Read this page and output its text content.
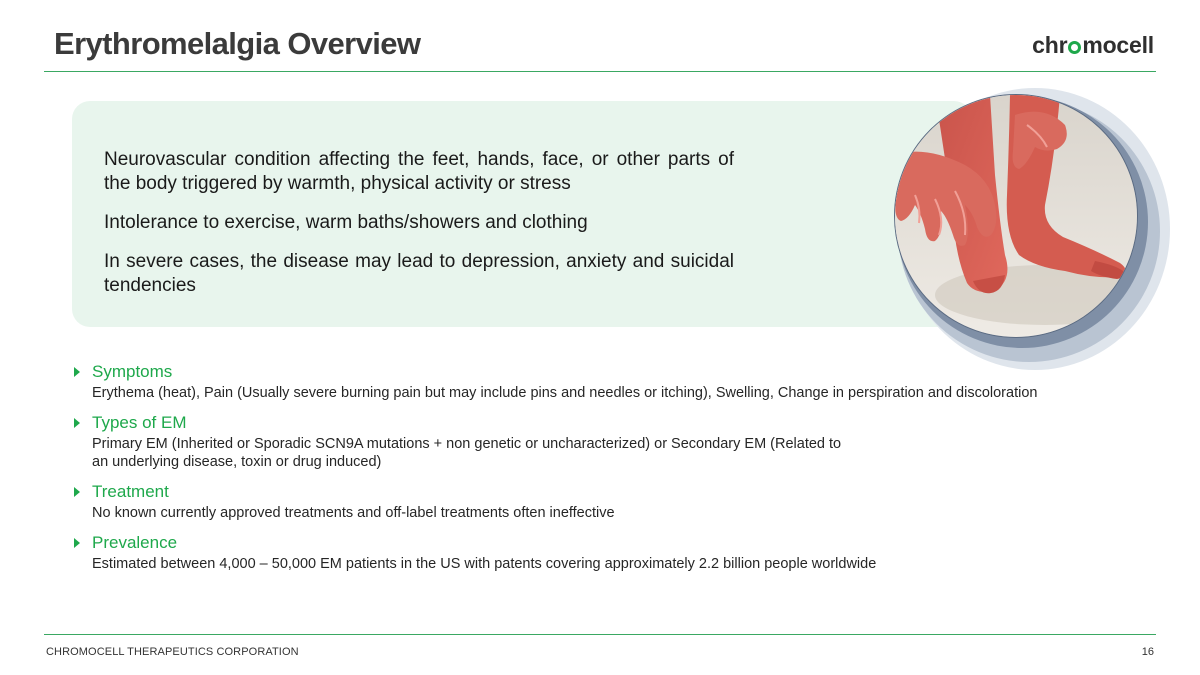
Erythromelalgia Overview	chr mocell

Neurovascular condition affecting the feet, hands, face, or other parts of the body triggered by warmth, physical activity or stress

Intolerance to exercise, warm baths/showers and clothing

In severe cases, the disease may lead to depression, anxiety and suicidal tendencies

Symptoms
Erythema (heat), Pain (Usually severe burning pain but may include pins and needles or itching), Swelling, Change in perspiration and discoloration
Types of EM
Primary EM (Inherited or Sporadic SCN9A mutations + non genetic or uncharacterized) or Secondary EM (Related to an underlying disease, toxin or drug induced)
Treatment
No known currently approved treatments and off-label treatments often ineffective
Prevalence
Estimated between 4,000 – 50,000 EM patients in the US with patents covering approximately 2.2 billion people worldwide
CHROMOCELL THERAPEUTICS CORPORATION	16
